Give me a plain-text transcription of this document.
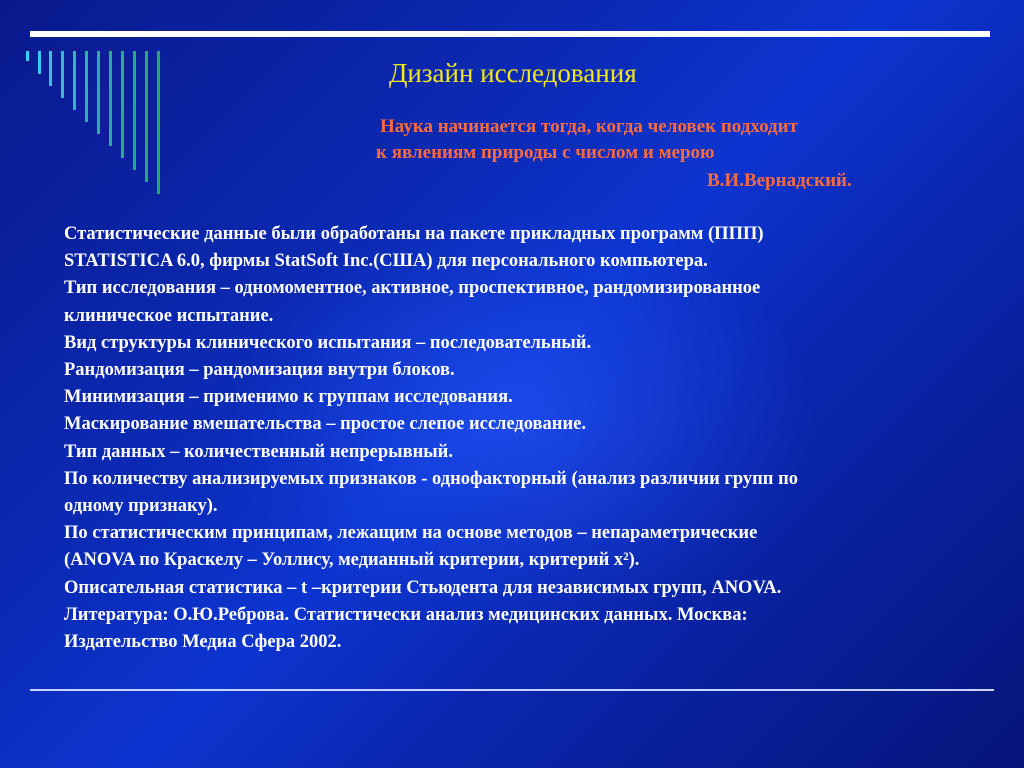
Дизайн исследования
Наука начинается тогда, когда человек подходит
к явлениям природы с числом и мерою
В.И.Вернадский.
Статистические данные были обработаны на пакете прикладных программ (ППП)
STATISTICA 6.0, фирмы StatSoft Inc.(США) для персонального компьютера.
Тип исследования – одномоментное, активное, проспективное, рандомизированное
клиническое испытание.
Вид структуры клинического испытания – последовательный.
Рандомизация – рандомизация внутри блоков.
Минимизация – применимо к группам исследования.
Маскирование вмешательства – простое слепое исследование.
Тип данных – количественный непрерывный.
По количеству анализируемых признаков - однофакторный (анализ различии групп по
одному признаку).
По статистическим принципам, лежащим на основе методов – непараметрические
(ANOVA по Краскелу – Уоллису, медианный критерии, критерий x²).
Описательная статистика – t –критерии Стьюдента для независимых групп, ANOVA.
Литература: О.Ю.Реброва. Статистически анализ медицинских данных. Москва:
Издательство Медиа Сфера 2002.
